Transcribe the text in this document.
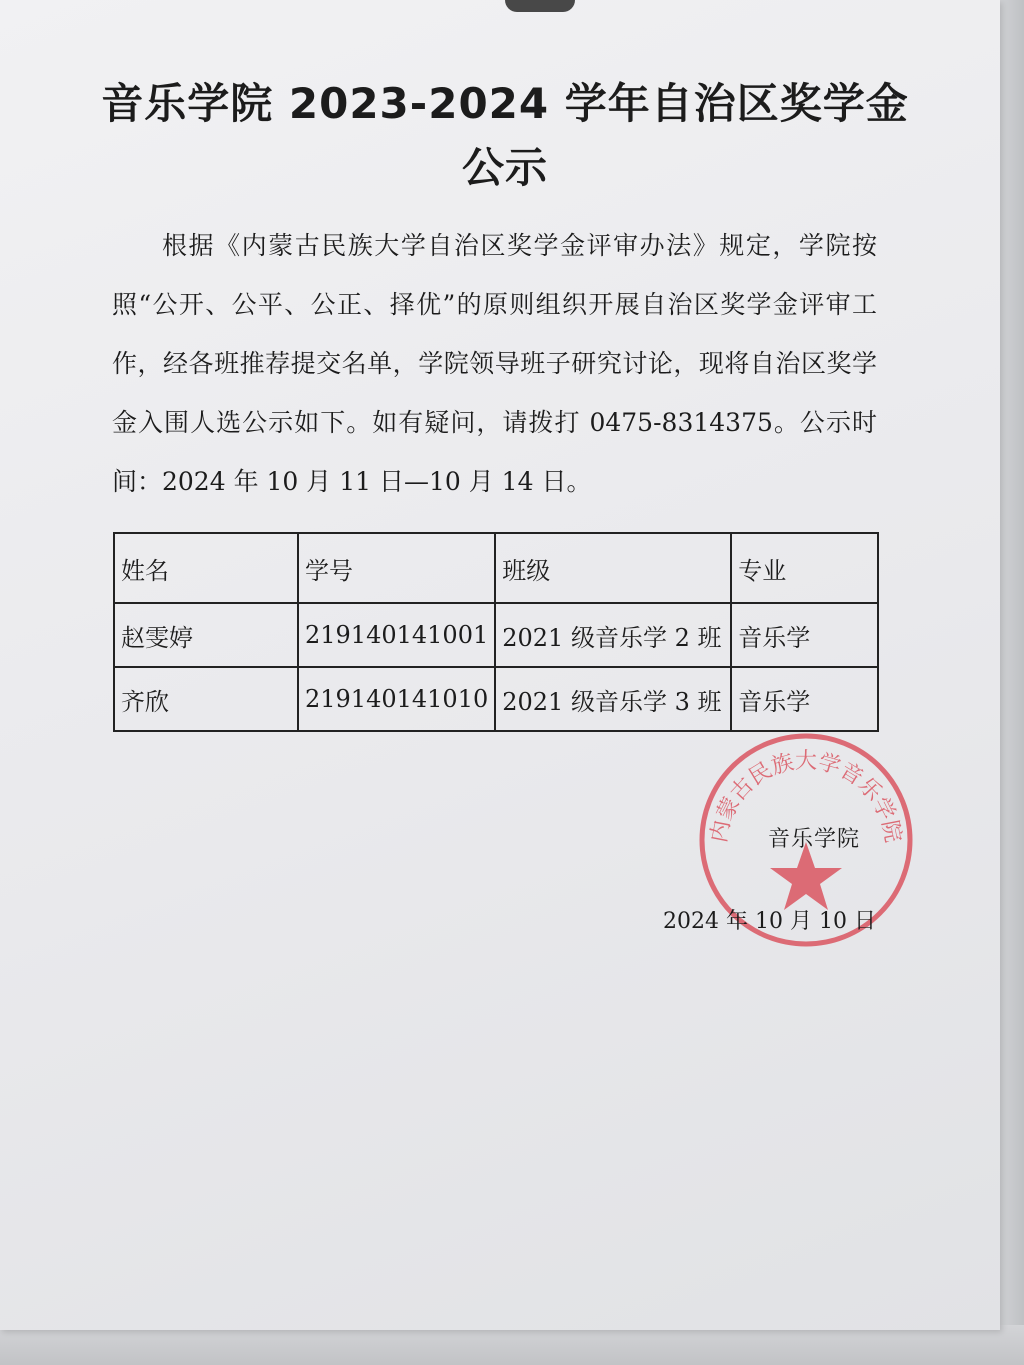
音乐学院 2023-2024 学年自治区奖学金
公示

根据《内蒙古民族大学自治区奖学金评审办法》规定，学院按照“公开、公平、公正、择优”的原则组织开展自治区奖学金评审工作，经各班推荐提交名单，学院领导班子研究讨论，现将自治区奖学金入围人选公示如下。如有疑问，请拨打 0475-8314375。公示时间：2024 年 10 月 11 日—10 月 14 日。

姓名	学号	班级	专业
赵雯婷	219140141001	2021 级音乐学 2 班	音乐学
齐欣	219140141010	2021 级音乐学 3 班	音乐学
内蒙古民族大学音乐学院
音乐学院
2024 年 10 月 10 日
